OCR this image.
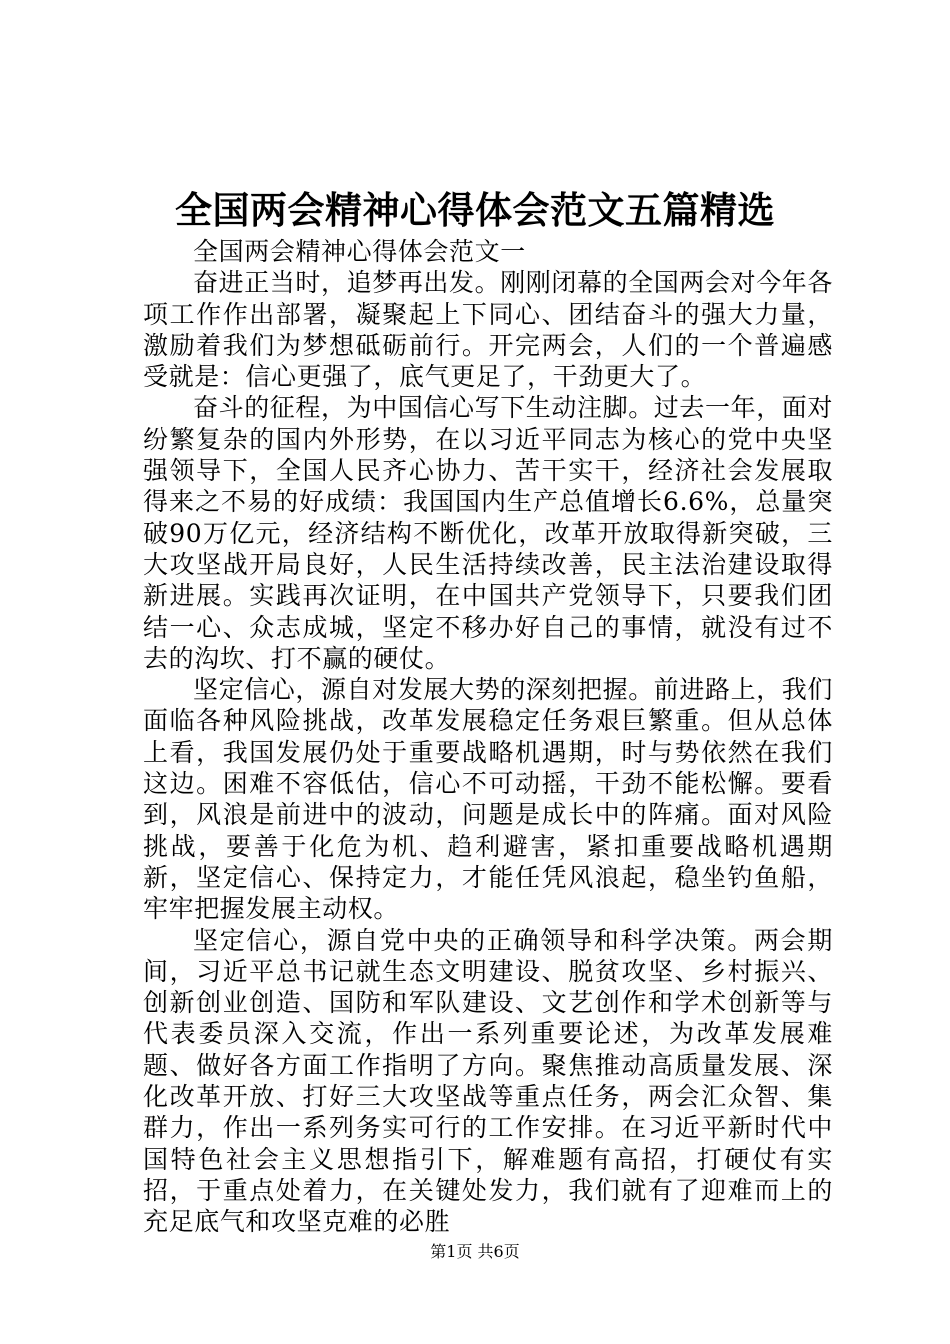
全国两会精神心得体会范文五篇精选

全国两会精神心得体会范文一

奋进正当时，追梦再出发。刚刚闭幕的全国两会对今年各项工作作出部署，凝聚起上下同心、团结奋斗的强大力量，激励着我们为梦想砥砺前行。开完两会，人们的一个普遍感受就是：信心更强了，底气更足了，干劲更大了。

奋斗的征程，为中国信心写下生动注脚。过去一年，面对纷繁复杂的国内外形势，在以习近平同志为核心的党中央坚强领导下，全国人民齐心协力、苦干实干，经济社会发展取得来之不易的好成绩：我国国内生产总值增长6.6%，总量突破90万亿元，经济结构不断优化，改革开放取得新突破，三大攻坚战开局良好，人民生活持续改善，民主法治建设取得新进展。实践再次证明，在中国共产党领导下，只要我们团结一心、众志成城，坚定不移办好自己的事情，就没有过不去的沟坎、打不赢的硬仗。

坚定信心，源自对发展大势的深刻把握。前进路上，我们面临各种风险挑战，改革发展稳定任务艰巨繁重。但从总体上看，我国发展仍处于重要战略机遇期，时与势依然在我们这边。困难不容低估，信心不可动摇，干劲不能松懈。要看到，风浪是前进中的波动，问题是成长中的阵痛。面对风险挑战，要善于化危为机、趋利避害，紧扣重要战略机遇期新，坚定信心、保持定力，才能任凭风浪起，稳坐钓鱼船，牢牢把握发展主动权。

坚定信心，源自党中央的正确领导和科学决策。两会期间，习近平总书记就生态文明建设、脱贫攻坚、乡村振兴、创新创业创造、国防和军队建设、文艺创作和学术创新等与代表委员深入交流，作出一系列重要论述，为改革发展难题、做好各方面工作指明了方向。聚焦推动高质量发展、深化改革开放、打好三大攻坚战等重点任务，两会汇众智、集群力，作出一系列务实可行的工作安排。在习近平新时代中国特色社会主义思想指引下，解难题有高招，打硬仗有实招，于重点处着力，在关键处发力，我们就有了迎难而上的充足底气和攻坚克难的必胜

第1页 共6页
